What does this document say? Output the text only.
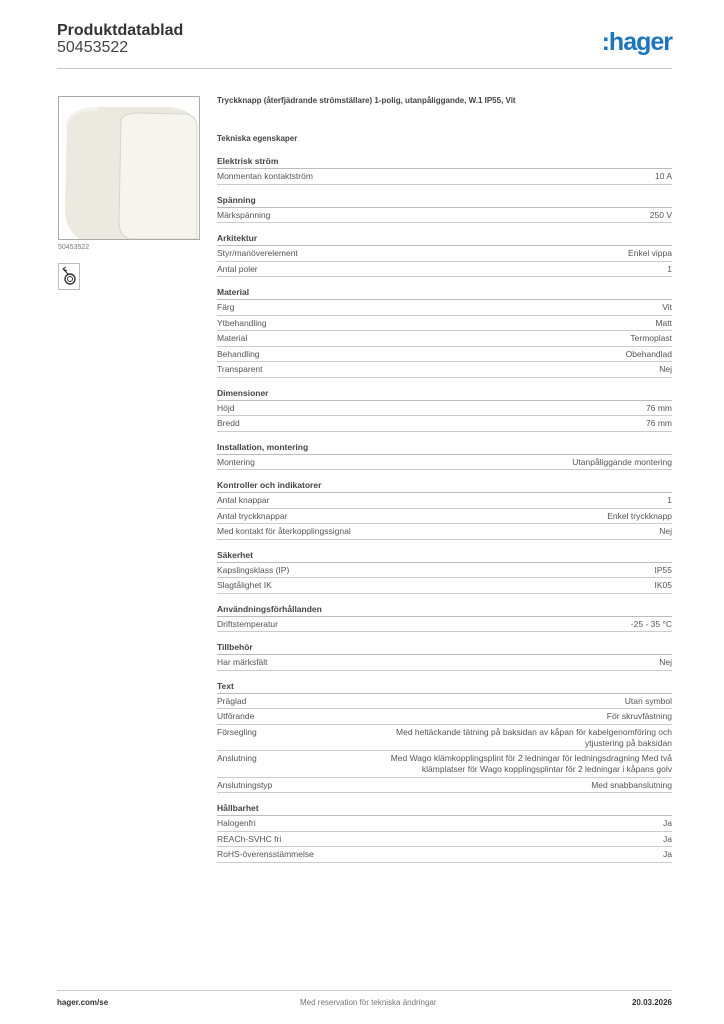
Produktdatablad
50453522	:hager
50453522
Tryckknapp (återfjädrande strömställare) 1-polig, utanpåliggande, W.1 IP55, Vit
Tekniska egenskaper
Elektrisk ström
Monmentan kontaktström	10 A
Spänning
Märkspänning	250 V
Arkitektur
Styr/manöverelement	Enkel vippa
Antal poler	1
Material
Färg	Vit
Ytbehandling	Matt
Material	Termoplast
Behandling	Obehandlad
Transparent	Nej
Dimensioner
Höjd	76 mm
Bredd	76 mm
Installation, montering
Montering	Utanpåliggande montering
Kontroller och indikatorer
Antal knappar	1
Antal tryckknappar	Enkel tryckknapp
Med kontakt för återkopplingssignal	Nej
Säkerhet
Kapslingsklass (IP)	IP55
Slagtålighet IK	IK05
Användningsförhållanden
Driftstemperatur	-25 - 35 °C
Tillbehör
Har märksfält	Nej
Text
Präglad	Utan symbol
Utförande	För skruvfästning
Försegling	Med heltäckande tätning på baksidan av kåpan för kabelgenomföring och ytjustering på baksidan
Anslutning	Med Wago klämkopplingsplint för 2 ledningar för ledningsdragning Med två klämplatser för Wago kopplingsplintar för 2 ledningar i kåpans golv
Anslutningstyp	Med snabbanslutning
Hållbarhet
Halogenfri	Ja
REACh-SVHC fri	Ja
RoHS-överensstämmelse	Ja
hager.com/se	Med reservation för tekniska ändringar	20.03.2026
